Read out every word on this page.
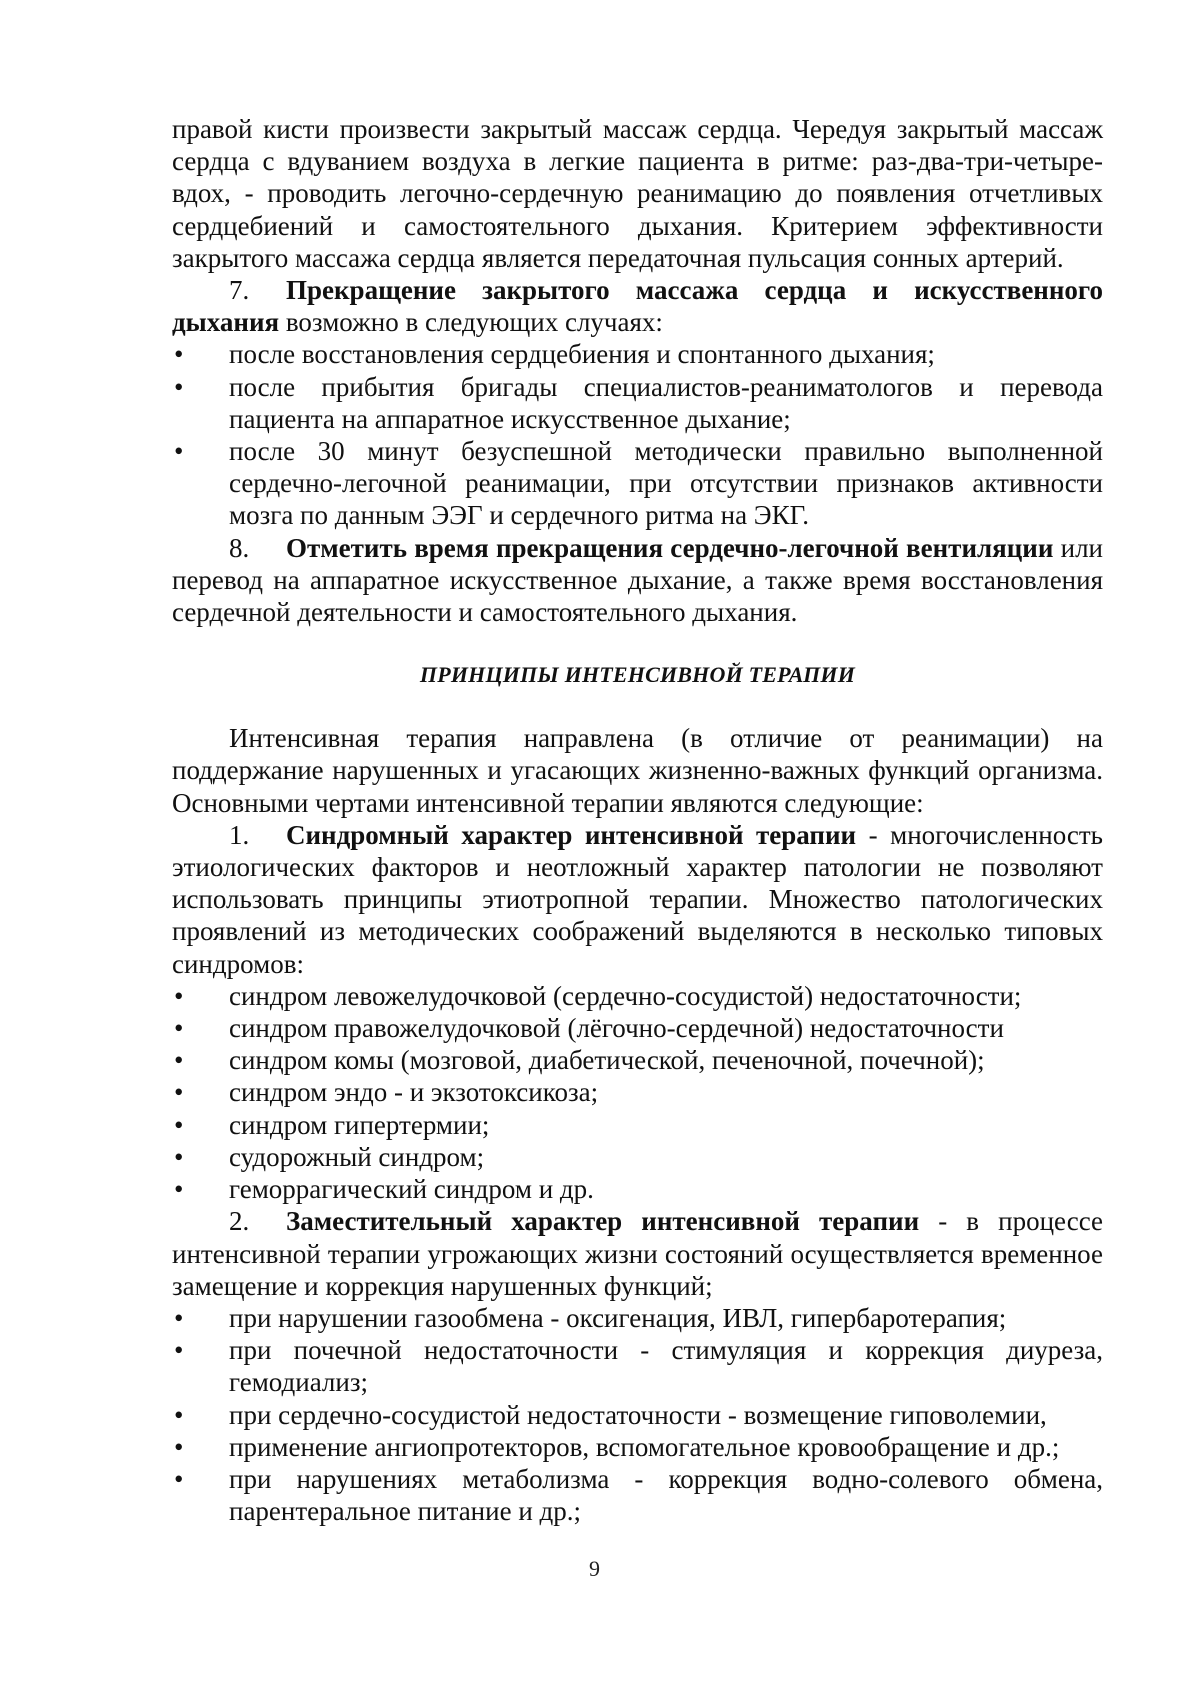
правой кисти произвести закрытый массаж сердца. Чередуя закрытый массаж сердца с вдуванием воздуха в легкие пациента в ритме: раз-два-три-четыре-вдох, - проводить легочно-сердечную реанимацию до появления отчетливых сердцебиений и самостоятельного дыхания. Критерием эффективности закрытого массажа сердца является передаточная пульсация сонных артерий.

7. Прекращение закрытого массажа сердца и искусственного дыхания возможно в следующих случаях:

• после восстановления сердцебиения и спонтанного дыхания;
• после прибытия бригады специалистов-реаниматологов и перевода пациента на аппаратное искусственное дыхание;
• после 30 минут безуспешной методически правильно выполненной сердечно-легочной реанимации, при отсутствии признаков активности мозга по данным ЭЭГ и сердечного ритма на ЭКГ.

8. Отметить время прекращения сердечно-легочной вентиляции или перевод на аппаратное искусственное дыхание, а также время восстановления сердечной деятельности и самостоятельного дыхания.

ПРИНЦИПЫ ИНТЕНСИВНОЙ ТЕРАПИИ

Интенсивная терапия направлена (в отличие от реанимации) на поддержание нарушенных и угасающих жизненно-важных функций организма. Основными чертами интенсивной терапии являются следующие:

1. Синдромный характер интенсивной терапии - многочисленность этиологических факторов и неотложный характер патологии не позволяют использовать принципы этиотропной терапии. Множество патологических проявлений из методических соображений выделяются в несколько типовых синдромов:

• синдром левожелудочковой (сердечно-сосудистой) недостаточности;
• синдром правожелудочковой (лёгочно-сердечной) недостаточности
• синдром комы (мозговой, диабетической, печеночной, почечной);
• синдром эндо - и экзотоксикоза;
• синдром гипертермии;
• судорожный синдром;
• геморрагический синдром и др.

2. Заместительный характер интенсивной терапии - в процессе интенсивной терапии угрожающих жизни состояний осуществляется временное замещение и коррекция нарушенных функций;

• при нарушении газообмена - оксигенация, ИВЛ, гипербаротерапия;
• при почечной недостаточности - стимуляция и коррекция диуреза, гемодиализ;
• при сердечно-сосудистой недостаточности - возмещение гиповолемии,
• применение ангиопротекторов, вспомогательное кровообращение и др.;
• при нарушениях метаболизма - коррекция водно-солевого обмена, парентеральное питание и др.;
9
